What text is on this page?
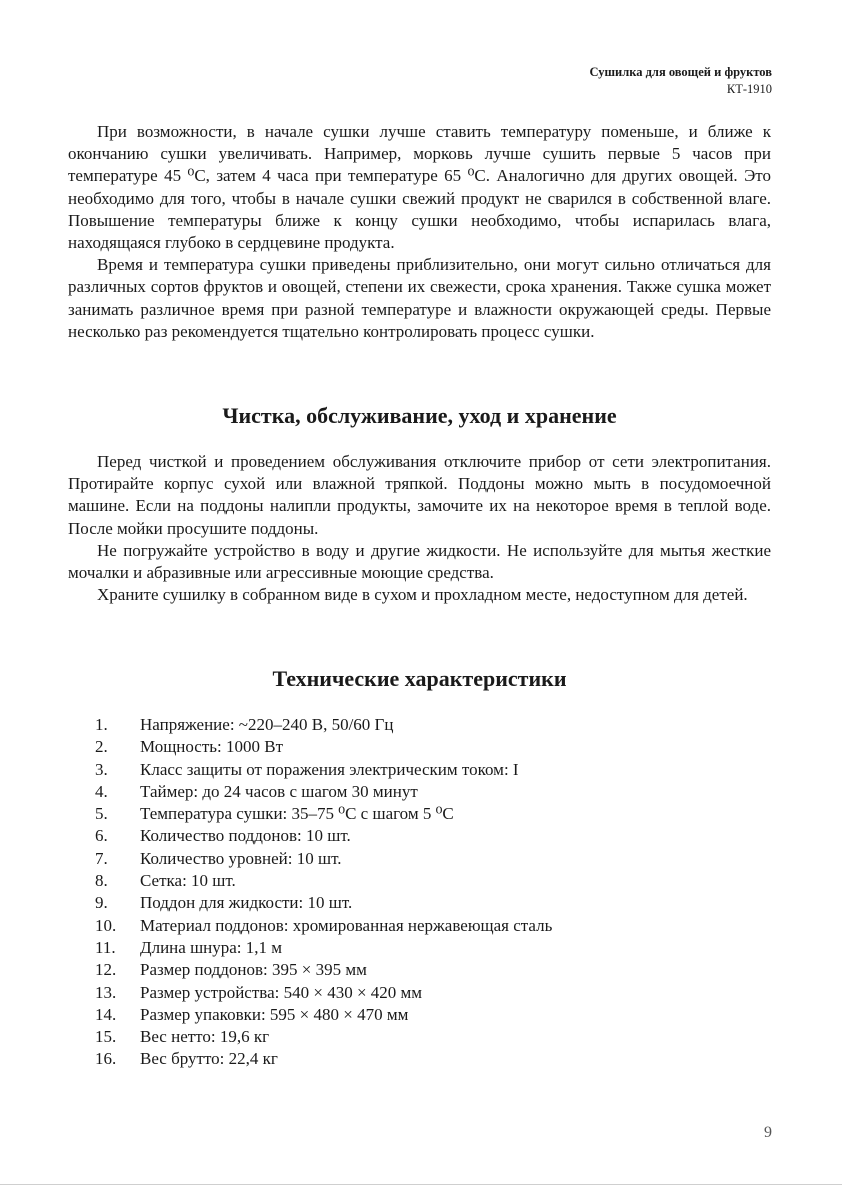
Сушилка для овощей и фруктов
КТ-1910

При возможности, в начале сушки лучше ставить температуру поменьше, и ближе к окончанию сушки увеличивать. Например, морковь лучше сушить первые 5 часов при температуре 45 ⁰С, затем 4 часа при температуре 65 ⁰С. Аналогично для других овощей. Это необходимо для того, чтобы в начале сушки свежий продукт не сварился в собственной влаге. Повышение температуры ближе к концу сушки необходимо, чтобы испарилась влага, находящаяся глубоко в сердцевине продукта.

Время и температура сушки приведены приблизительно, они могут сильно отличаться для различных сортов фруктов и овощей, степени их свежести, срока хранения. Также сушка может занимать различное время при разной температуре и влажности окружающей среды. Первые несколько раз рекомендуется тщательно контролировать процесс сушки.

Чистка, обслуживание, уход и хранение

Перед чисткой и проведением обслуживания отключите прибор от сети электропитания. Протирайте корпус сухой или влажной тряпкой. Поддоны можно мыть в посудомоечной машине. Если на поддоны налипли продукты, замочите их на некоторое время в теплой воде. После мойки просушите поддоны.

Не погружайте устройство в воду и другие жидкости. Не используйте для мытья жесткие мочалки и абразивные или агрессивные моющие средства.

Храните сушилку в собранном виде в сухом и прохладном месте, недоступном для детей.

Технические характеристики
1.	Напряжение: ~220–240 В, 50/60 Гц
2.	Мощность: 1000 Вт
3.	Класс защиты от поражения электрическим током: I
4.	Таймер: до 24 часов с шагом 30 минут
5.	Температура сушки: 35–75 ⁰С с шагом 5 ⁰С
6.	Количество поддонов: 10 шт.
7.	Количество уровней: 10 шт.
8.	Сетка: 10 шт.
9.	Поддон для жидкости: 10 шт.
10.	Материал поддонов: хромированная нержавеющая сталь
11.	Длина шнура: 1,1 м
12.	Размер поддонов: 395 × 395 мм
13.	Размер устройства: 540 × 430 × 420 мм
14.	Размер упаковки: 595 × 480 × 470 мм
15.	Вес нетто: 19,6 кг
16.	Вес брутто: 22,4 кг
9
